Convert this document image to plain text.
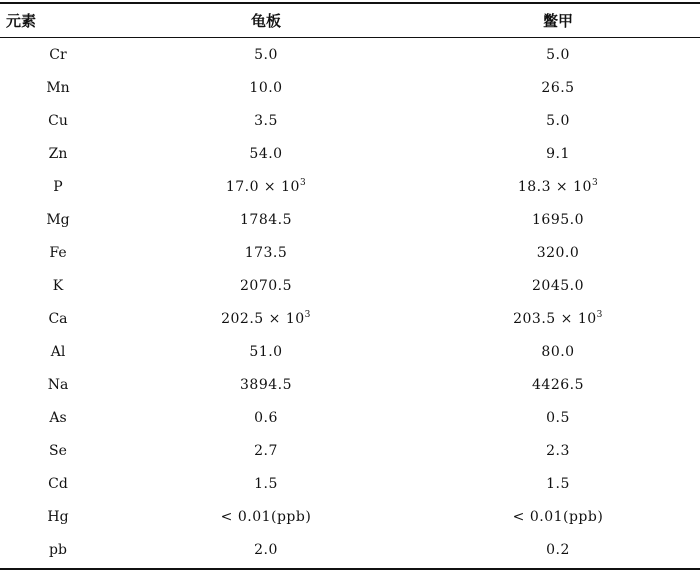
元素	龟板	鳖甲
Cr	5.0	5.0
Mn	10.0	26.5
Cu	3.5	5.0
Zn	54.0	9.1
P	$17.0 \times 10^3$	$18.3 \times 10^3$
Mg	1784.5	1695.0
Fe	173.5	320.0
K	2070.5	2045.0
Ca	$202.5 \times 10^3$	$203.5 \times 10^3$
Al	51.0	80.0
Na	3894.5	4426.5
As	0.6	0.5
Se	2.7	2.3
Cd	1.5	1.5
Hg	< 0.01(ppb)	< 0.01(ppb)
pb	2.0	0.2
